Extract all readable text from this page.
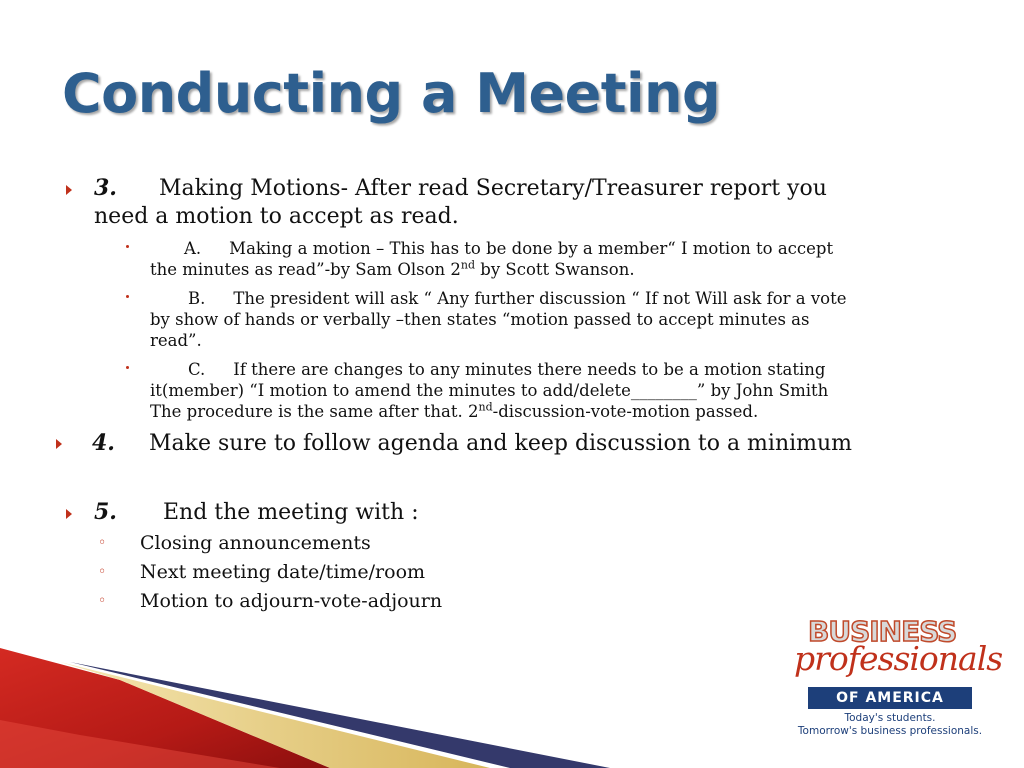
Conducting a Meeting
3. Making Motions- After read Secretary/Treasurer report you
need a motion to accept as read.
A. Making a motion – This has to be done by a member“ I motion to accept
the minutes as read”-by Sam Olson 2nd by Scott Swanson.
B. The president will ask “ Any further discussion “ If not Will ask for a vote
by show of hands or verbally –then states “motion passed to accept minutes as
read”.
C. If there are changes to any minutes there needs to be a motion stating
it(member) “I motion to amend the minutes to add/delete________” by John Smith
The procedure is the same after that. 2nd-discussion-vote-motion passed.
4. Make sure to follow agenda and keep discussion to a minimum
5. End the meeting with :
◦ Closing announcements
◦ Next meeting date/time/room
◦ Motion to adjourn-vote-adjourn
BUSINESS
professionals
OF AMERICA
Today's students.
Tomorrow's business professionals.
